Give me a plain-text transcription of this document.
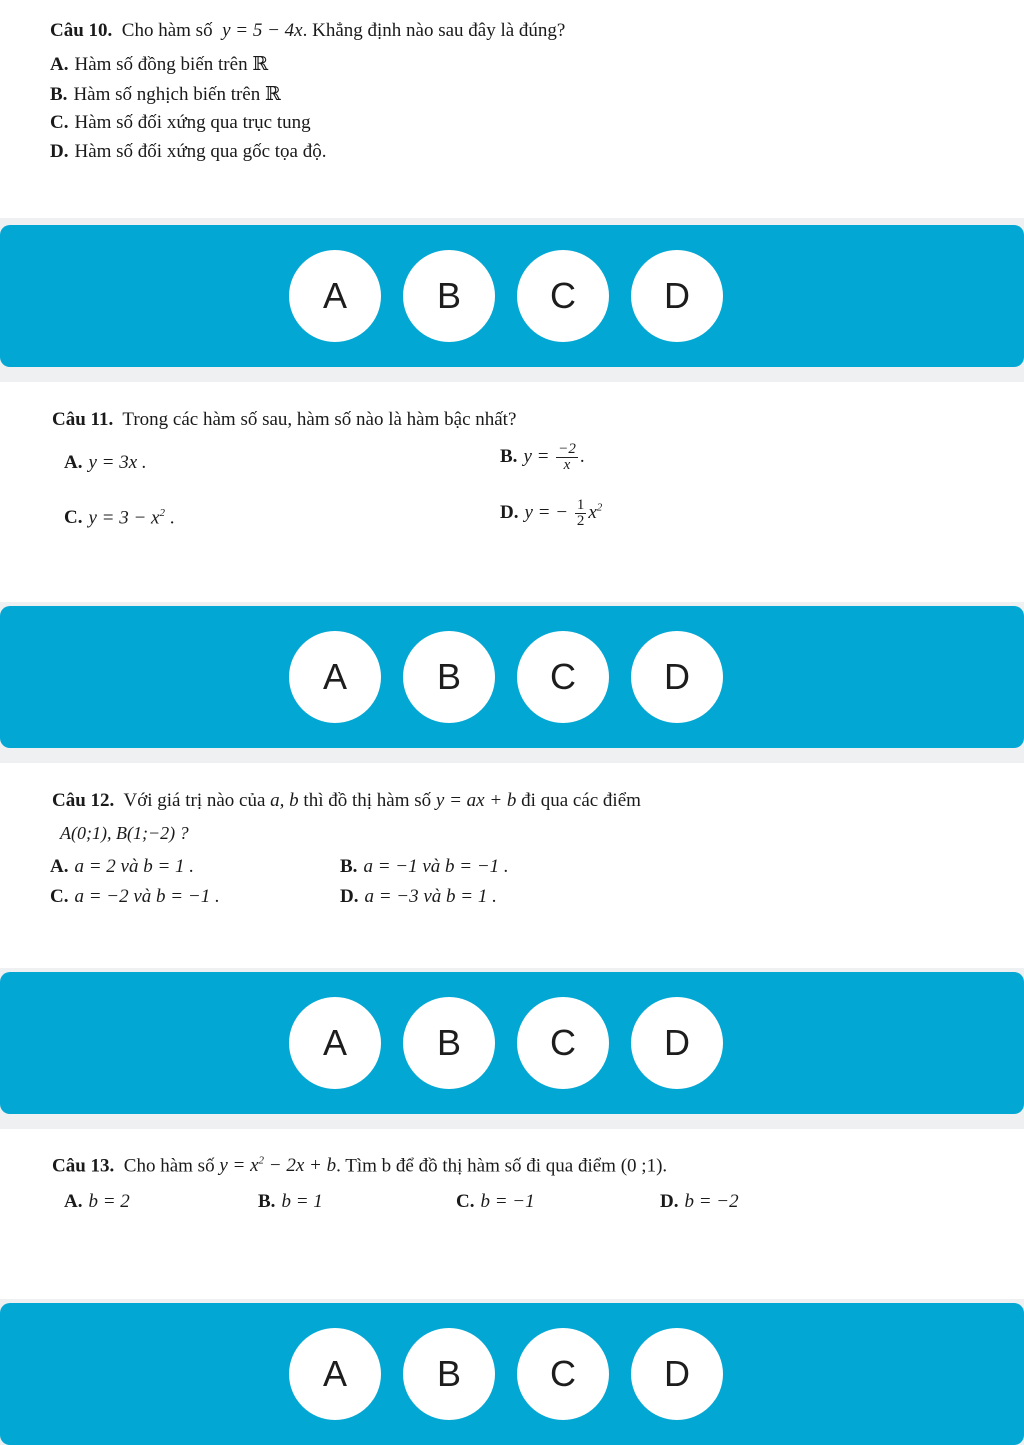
Câu 10. Cho hàm số y = 5 − 4x. Khẳng định nào sau đây là đúng?
A. Hàm số đồng biến trên ℝ
B. Hàm số nghịch biến trên ℝ
C. Hàm số đối xứng qua trục tung
D. Hàm số đối xứng qua gốc tọa độ.
A	B	C	D
Câu 11. Trong các hàm số sau, hàm số nào là hàm bậc nhất?
A. y = 3x .	B. $y = \frac{-2}{x}$ .
C. $y = 3 - x^2$ .	D. y = − $\frac{1}{2} x^2$
A	B	C	D
Câu 12. Với giá trị nào của a, b thì đồ thị hàm số y = ax + b đi qua các điểm
A(0;1), B(1;−2) ?
A. a = 2 và b = 1 .	B. a = −1 và b = −1 .
C. a = −2 và b = −1 .	D. a = −3 và b = 1 .
A	B	C	D
Câu 13. Cho hàm số $y = x^2 - 2x + b$. Tìm b để đồ thị hàm số đi qua điểm (0 ;1).
A. b = 2	B. b = 1	C. b = −1	D. b = −2
A	B	C	D
